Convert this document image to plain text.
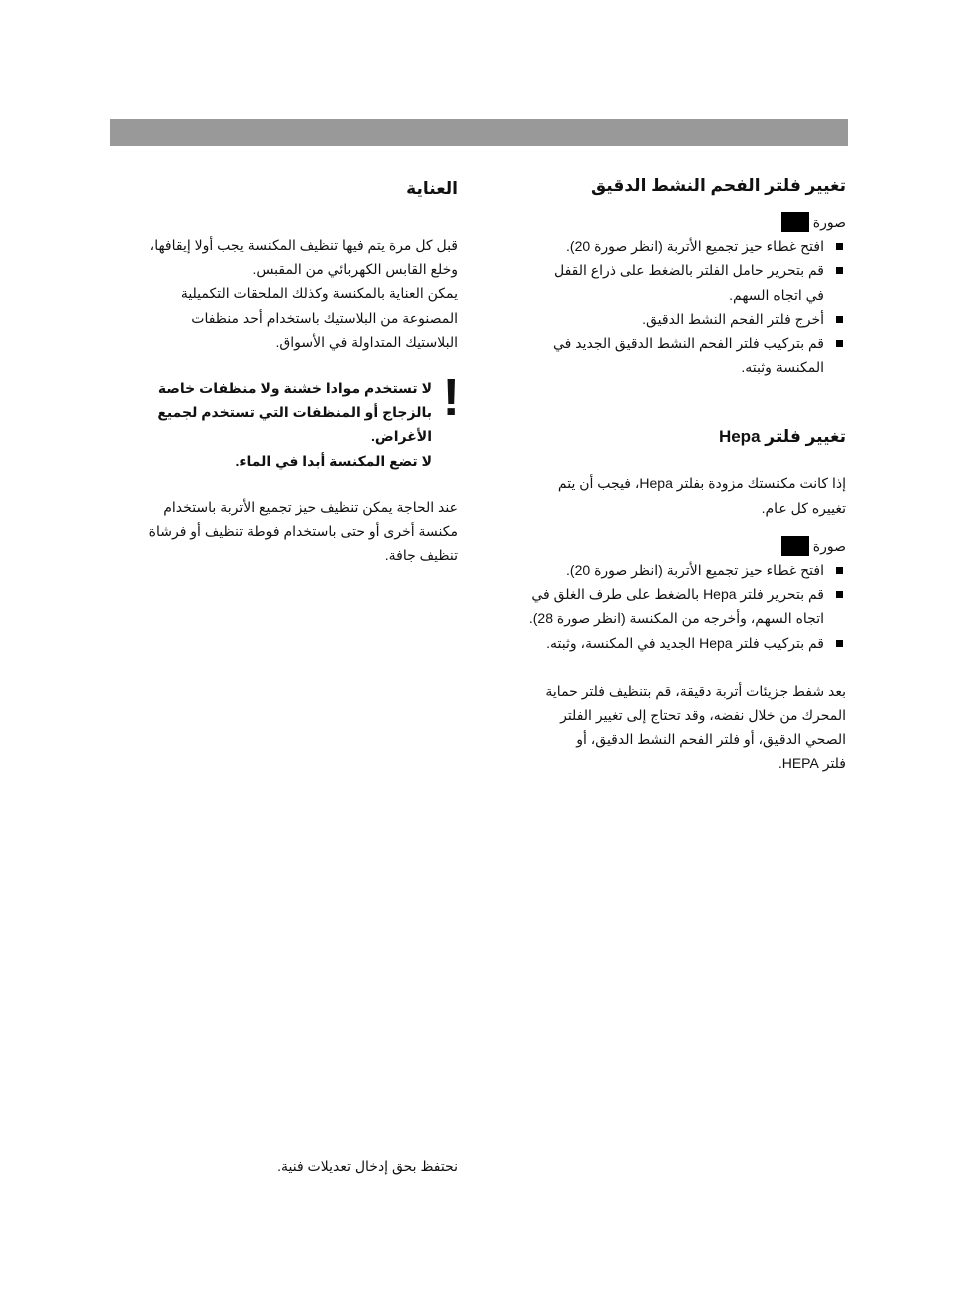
تغيير فلتر الفحم النشط الدقيق
صورة
افتح غطاء حيز تجميع الأتربة (انظر صورة 20).
قم بتحرير حامل الفلتر بالضغط على ذراع القفل
في اتجاه السهم.
أخرج فلتر الفحم النشط الدقيق.
قم بتركيب فلتر الفحم النشط الدقيق الجديد في
المكنسة وثبته.
تغيير فلتر Hepa

إذا كانت مكنستك مزودة بفلتر Hepa، فيجب أن يتم
تغييره كل عام.

صورة
افتح غطاء حيز تجميع الأتربة (انظر صورة 20).
قم بتحرير فلتر Hepa بالضغط على طرف الغلق في
اتجاه السهم، وأخرجه من المكنسة (انظر صورة 28).
قم بتركيب فلتر Hepa الجديد في المكنسة، وثبته.

بعد شفط جزيئات أتربة دقيقة، قم بتنظيف فلتر حماية
المحرك من خلال نفضه، وقد تحتاج إلى تغيير الفلتر
الصحي الدقيق، أو فلتر الفحم النشط الدقيق، أو
فلتر HEPA.

العناية

قبل كل مرة يتم فيها تنظيف المكنسة يجب أولا إيقافها،
وخلع القابس الكهربائي من المقبس.
يمكن العناية بالمكنسة وكذلك الملحقات التكميلية
المصنوعة من البلاستيك باستخدام أحد منظفات
البلاستيك المتداولة في الأسواق.

!
لا تستخدم موادا خشنة ولا منظفات خاصة
بالزجاج أو المنظفات التي تستخدم لجميع
الأغراض.
لا تضع المكنسة أبدا في الماء.

عند الحاجة يمكن تنظيف حيز تجميع الأتربة باستخدام
مكنسة أخرى أو حتى باستخدام فوطة تنظيف أو فرشاة
تنظيف جافة.

نحتفظ بحق إدخال تعديلات فنية.
